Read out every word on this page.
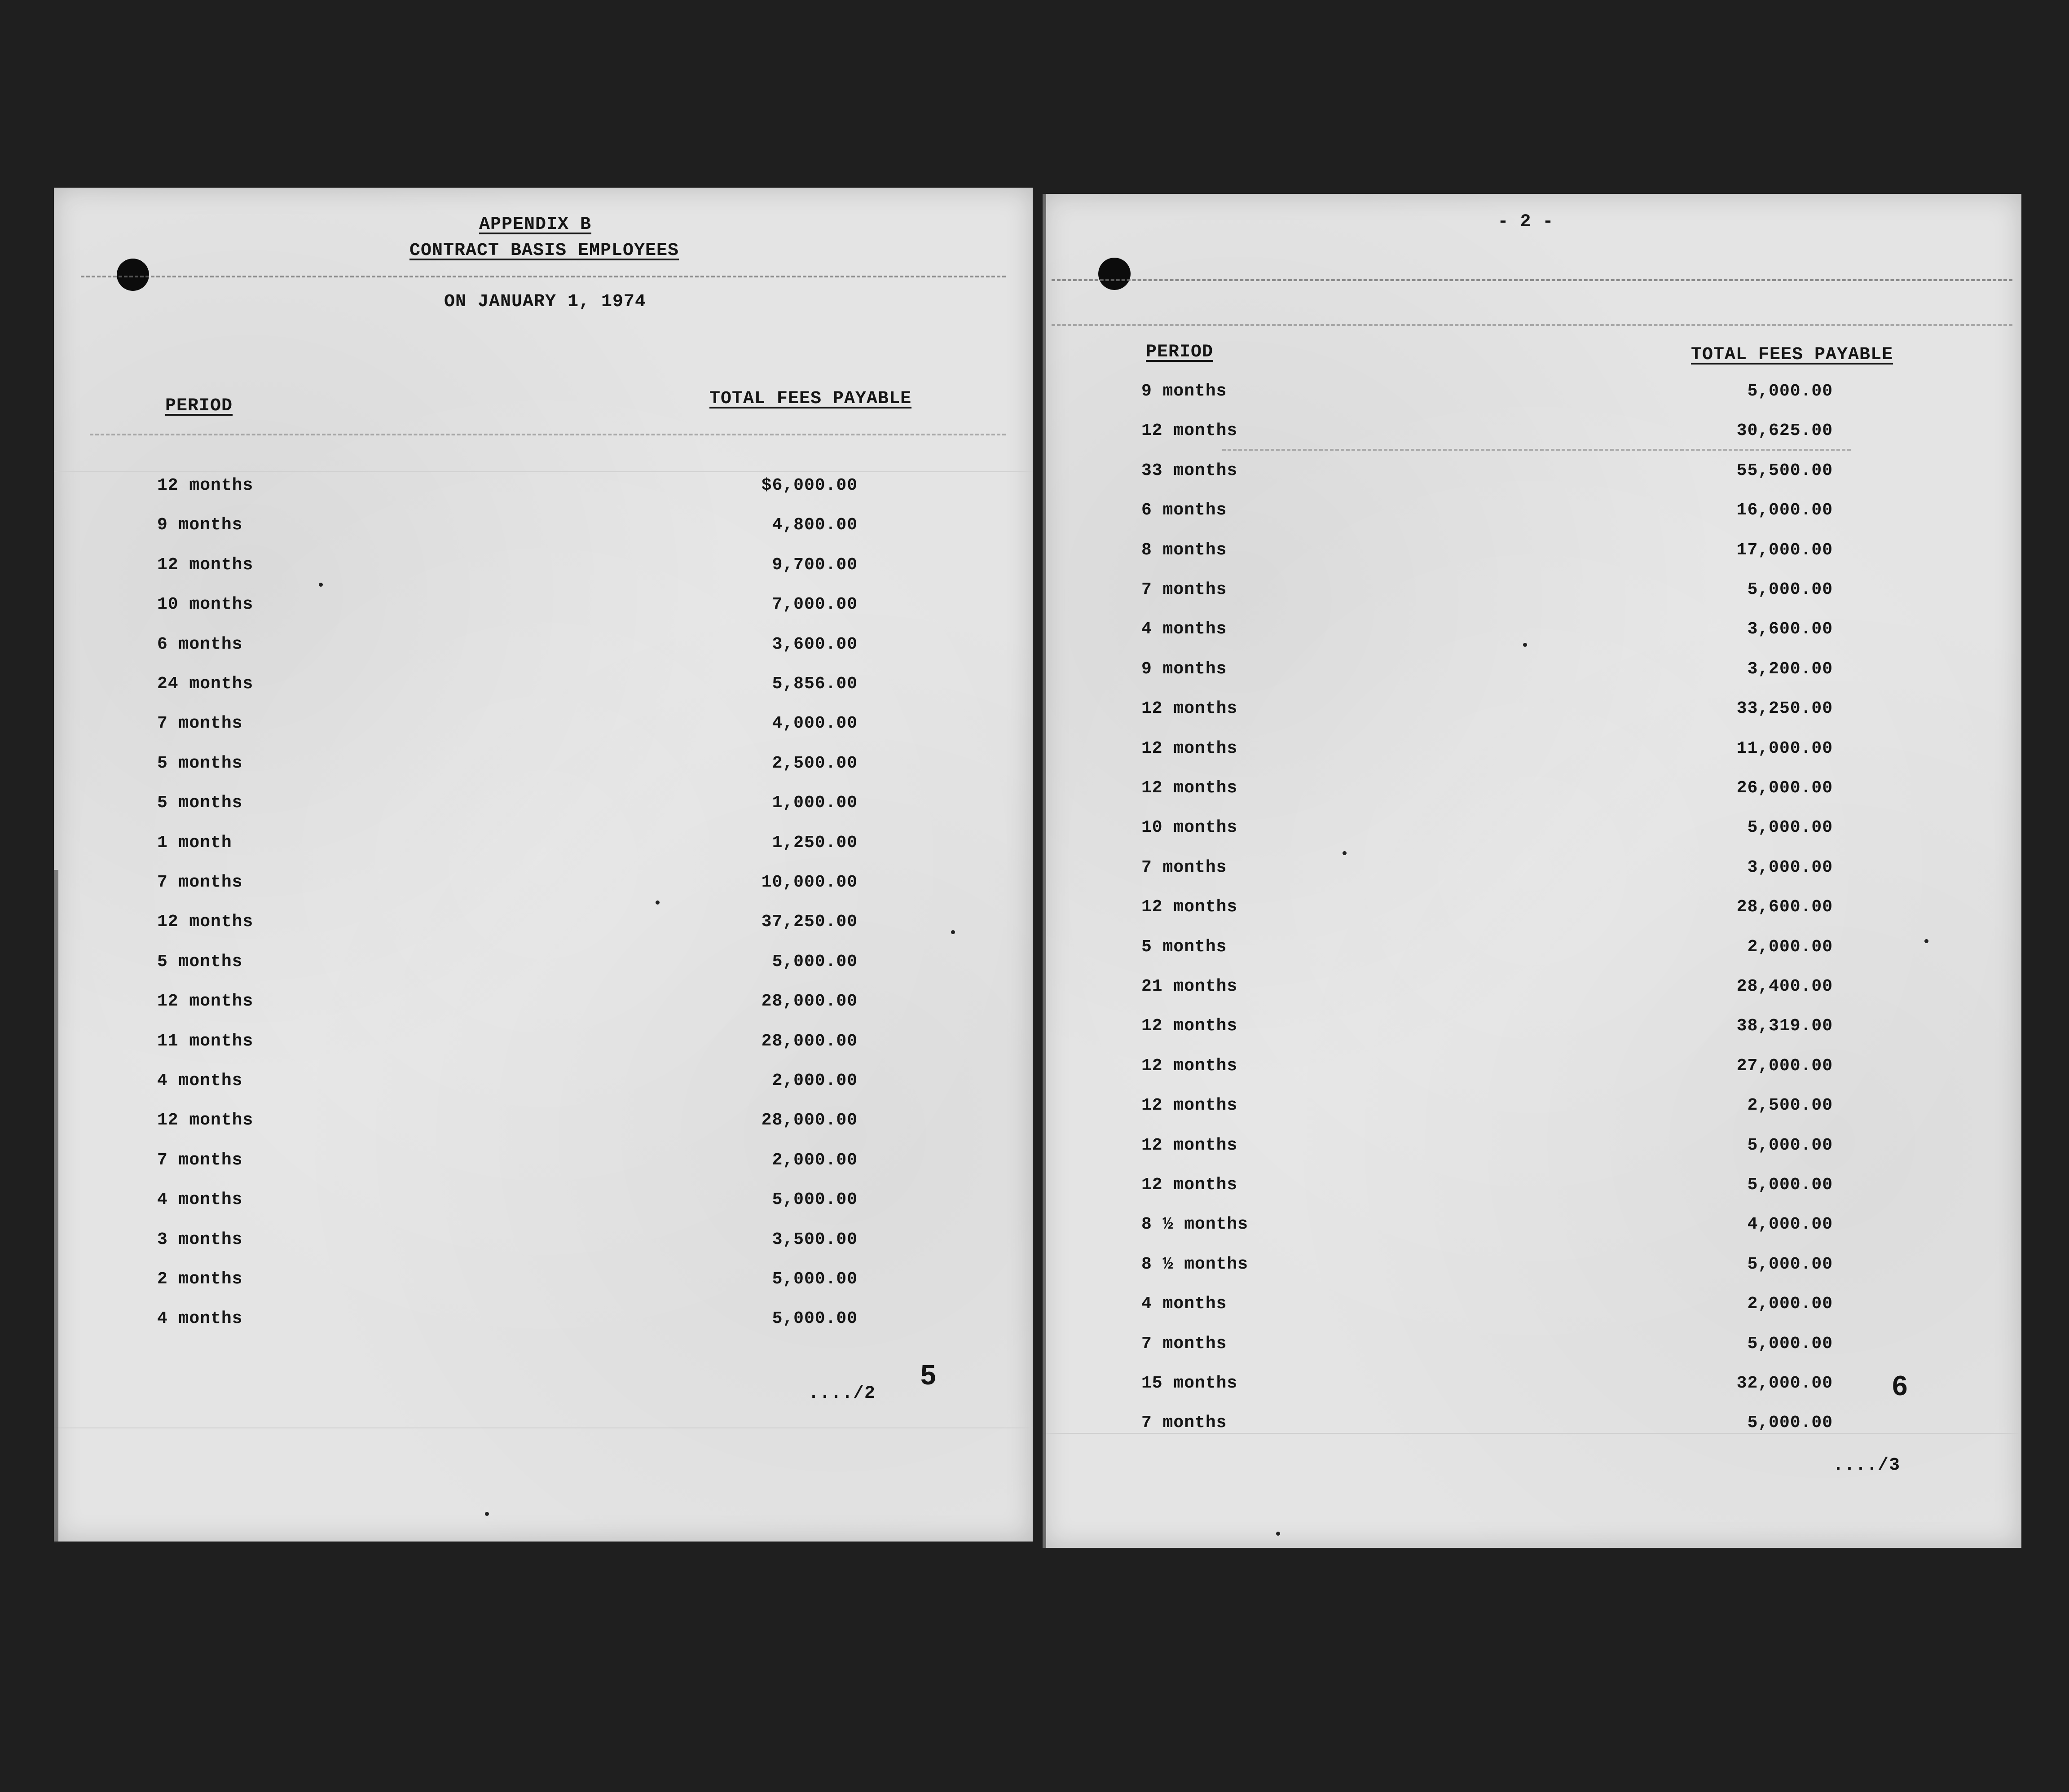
APPENDIX B
CONTRACT BASIS EMPLOYEES
ON JANUARY 1, 1974
PERIOD	TOTAL FEES PAYABLE
12 months	$6,000.00
9 months	4,800.00
12 months	9,700.00
10 months	7,000.00
6 months	3,600.00
24 months	5,856.00
7 months	4,000.00
5 months	2,500.00
5 months	1,000.00
1 month	1,250.00
7 months	10,000.00
12 months	37,250.00
5 months	5,000.00
12 months	28,000.00
11 months	28,000.00
4 months	2,000.00
12 months	28,000.00
7 months	2,000.00
4 months	5,000.00
3 months	3,500.00
2 months	5,000.00
4 months	5,000.00
5
..../2
- 2 -
PERIOD	TOTAL FEES PAYABLE
9 months	5,000.00
12 months	30,625.00
33 months	55,500.00
6 months	16,000.00
8 months	17,000.00
7 months	5,000.00
4 months	3,600.00
9 months	3,200.00
12 months	33,250.00
12 months	11,000.00
12 months	26,000.00
10 months	5,000.00
7 months	3,000.00
12 months	28,600.00
5 months	2,000.00
21 months	28,400.00
12 months	38,319.00
12 months	27,000.00
12 months	2,500.00
12 months	5,000.00
12 months	5,000.00
8 ½ months	4,000.00
8 ½ months	5,000.00
4 months	2,000.00
7 months	5,000.00
15 months	32,000.00
7 months	5,000.00
6
..../3
